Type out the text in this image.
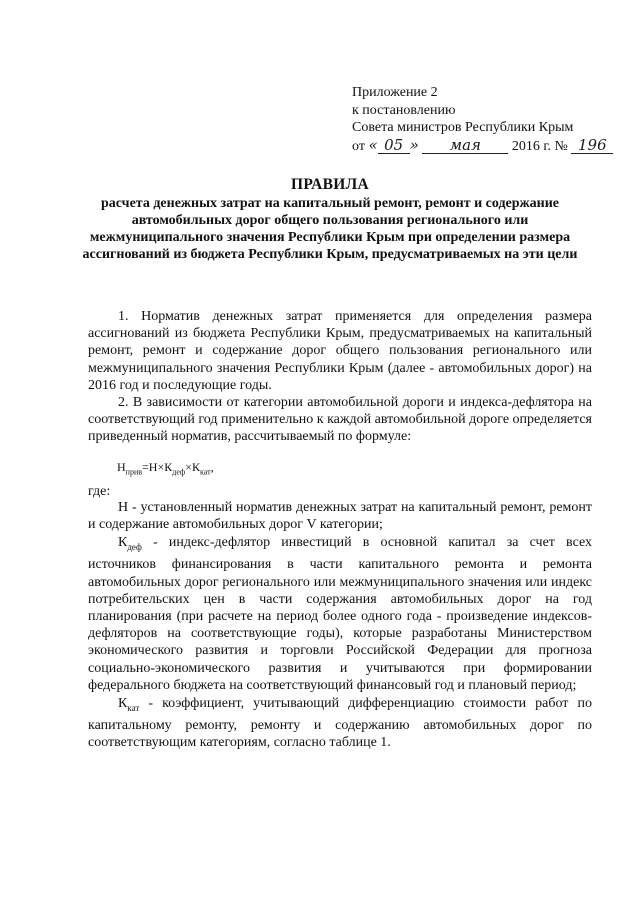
Приложение 2
к постановлению
Совета министров Республики Крым
от « 05 » мая 2016 г. № 196
ПРАВИЛА
расчета денежных затрат на капитальный ремонт, ремонт и содержание автомобильных дорог общего пользования регионального или межмуниципального значения Республики Крым при определении размера ассигнований из бюджета Республики Крым, предусматриваемых на эти цели

1. Норматив денежных затрат применяется для определения размера ассигнований из бюджета Республики Крым, предусматриваемых на капитальный ремонт, ремонт и содержание дорог общего пользования регионального или межмуниципального значения Республики Крым (далее - автомобильных дорог) на 2016 год и последующие годы.

2. В зависимости от категории автомобильной дороги и индекса-дефлятора на соответствующий год применительно к каждой автомобильной дороге определяется приведенный норматив, рассчитываемый по формуле:

$Н_{прив}=Н\times К_{деф}\times К_{кат}$,
где:

Н - установленный норматив денежных затрат на капитальный ремонт, ремонт и содержание автомобильных дорог V категории;

$К_{деф}$ - индекс-дефлятор инвестиций в основной капитал за счет всех источников финансирования в части капитального ремонта и ремонта автомобильных дорог регионального или межмуниципального значения или индекс потребительских цен в части содержания автомобильных дорог на год планирования (при расчете на период более одного года - произведение индексов-дефляторов на соответствующие годы), которые разработаны Министерством экономического развития и торговли Российской Федерации для прогноза социально-экономического развития и учитываются при формировании федерального бюджета на соответствующий финансовый год и плановый период;

$К_{кат}$ - коэффициент, учитывающий дифференциацию стоимости работ по капитальному ремонту, ремонту и содержанию автомобильных дорог по соответствующим категориям, согласно таблице 1.
